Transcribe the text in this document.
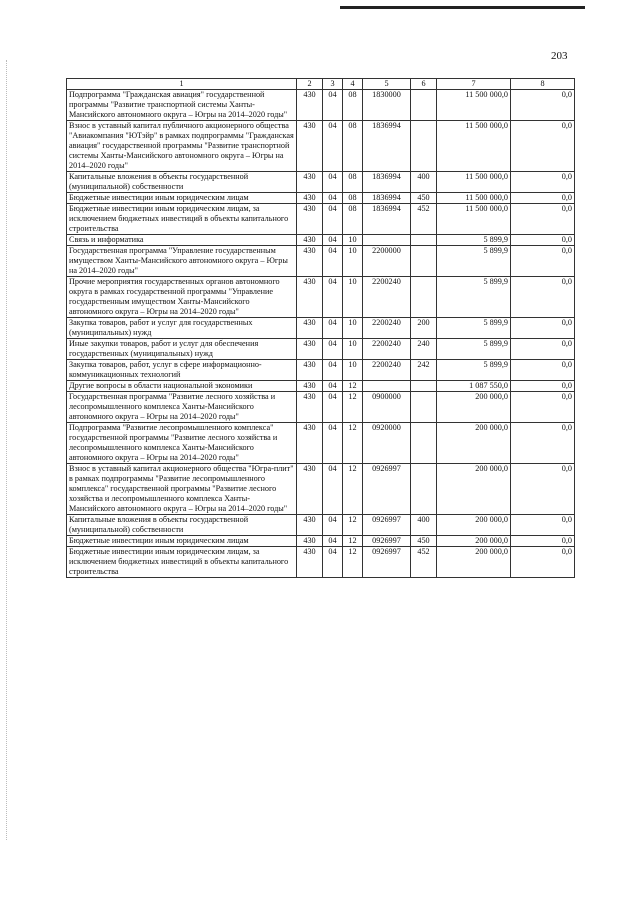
203
1	2	3	4	5	6	7	8
Подпрограмма "Гражданская авиация" государственной программы "Развитие транспортной системы Ханты-Мансийского автономного округа – Югры на 2014–2020 годы"	430	04	08	1830000		11 500 000,0	0,0
Взнос в уставный капитал публичного акционерного общества "Авиакомпания "ЮТэйр" в рамках подпрограммы "Гражданская авиация" государственной программы "Развитие транспортной системы Ханты-Мансийского автономного округа – Югры на 2014–2020 годы"	430	04	08	1836994		11 500 000,0	0,0
Капитальные вложения в объекты государственной (муниципальной) собственности	430	04	08	1836994	400	11 500 000,0	0,0
Бюджетные инвестиции иным юридическим лицам	430	04	08	1836994	450	11 500 000,0	0,0
Бюджетные инвестиции иным юридическим лицам, за исключением бюджетных инвестиций в объекты капитального строительства	430	04	08	1836994	452	11 500 000,0	0,0
Связь и информатика	430	04	10			5 899,9	0,0
Государственная программа "Управление государственным имуществом Ханты-Мансийского автономного округа – Югры на 2014–2020 годы"	430	04	10	2200000		5 899,9	0,0
Прочие мероприятия государственных органов автономного округа в рамках государственной программы "Управление государственным имуществом Ханты-Мансийского автономного округа – Югры на 2014–2020 годы"	430	04	10	2200240		5 899,9	0,0
Закупка товаров, работ и услуг для государственных (муниципальных) нужд	430	04	10	2200240	200	5 899,9	0,0
Иные закупки товаров, работ и услуг для обеспечения государственных (муниципальных) нужд	430	04	10	2200240	240	5 899,9	0,0
Закупка товаров, работ, услуг в сфере информационно-коммуникационных технологий	430	04	10	2200240	242	5 899,9	0,0
Другие вопросы в области национальной экономики	430	04	12			1 087 550,0	0,0
Государственная программа "Развитие лесного хозяйства и лесопромышленного комплекса Ханты-Мансийского автономного округа – Югры на 2014–2020 годы"	430	04	12	0900000		200 000,0	0,0
Подпрограмма "Развитие лесопромышленного комплекса" государственной программы "Развитие лесного хозяйства и лесопромышленного комплекса Ханты-Мансийского автономного округа – Югры на 2014–2020 годы"	430	04	12	0920000		200 000,0	0,0
Взнос в уставный капитал акционерного общества "Югра-плит" в рамках подпрограммы "Развитие лесопромышленного комплекса" государственной программы "Развитие лесного хозяйства и лесопромышленного комплекса Ханты-Мансийского автономного округа – Югры на 2014–2020 годы"	430	04	12	0926997		200 000,0	0,0
Капитальные вложения в объекты государственной (муниципальной) собственности	430	04	12	0926997	400	200 000,0	0,0
Бюджетные инвестиции иным юридическим лицам	430	04	12	0926997	450	200 000,0	0,0
Бюджетные инвестиции иным юридическим лицам, за исключением бюджетных инвестиций в объекты капитального строительства	430	04	12	0926997	452	200 000,0	0,0
